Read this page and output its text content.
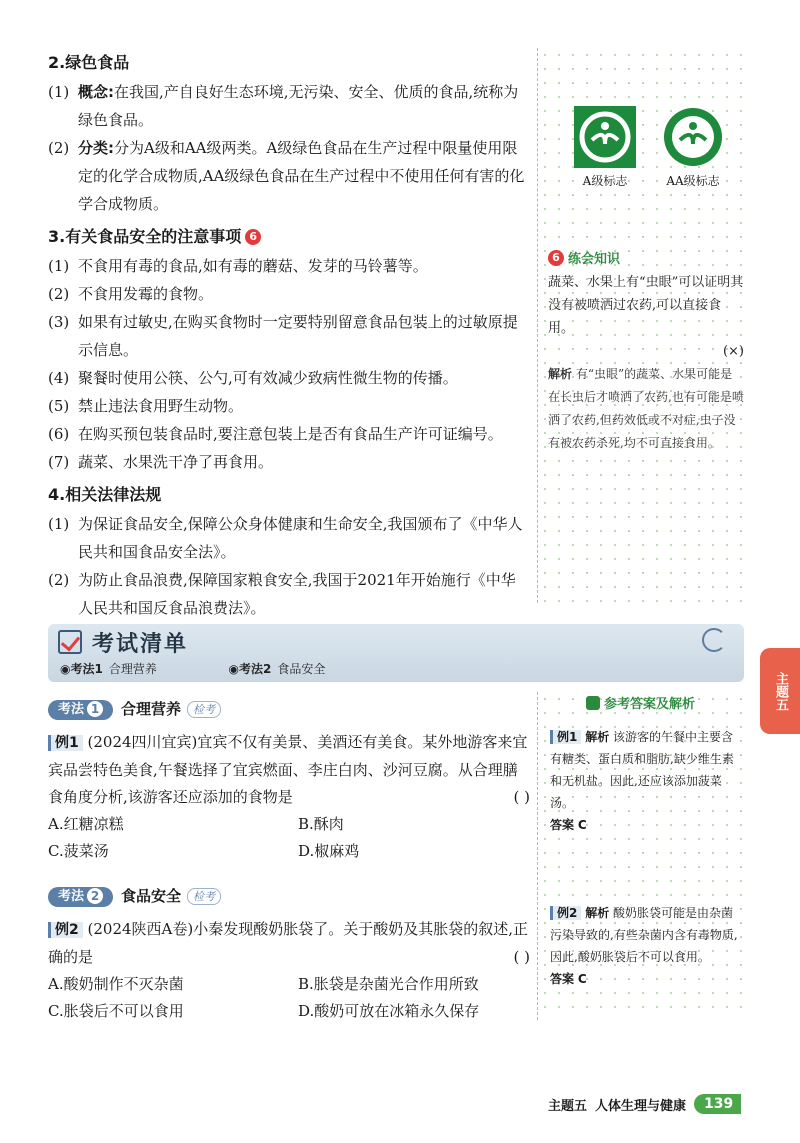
2.绿色食品
(1) 概念:在我国,产自良好生态环境,无污染、安全、优质的食品,统称为绿色食品。
(2) 分类:分为A级和AA级两类。A级绿色食品在生产过程中限量使用限定的化学合成物质,AA级绿色食品在生产过程中不使用任何有害的化学合成物质。
3.有关食品安全的注意事项 6
(1) 不食用有毒的食品,如有毒的蘑菇、发芽的马铃薯等。
(2) 不食用发霉的食物。
(3) 如果有过敏史,在购买食物时一定要特别留意食品包装上的过敏原提示信息。
(4) 聚餐时使用公筷、公勺,可有效减少致病性微生物的传播。
(5) 禁止违法食用野生动物。
(6) 在购买预包装食品时,要注意包装上是否有食品生产许可证编号。
(7) 蔬菜、水果洗干净了再食用。
4.相关法律法规
(1) 为保证食品安全,保障公众身体健康和生命安全,我国颁布了《中华人民共和国食品安全法》。
(2) 为防止食品浪费,保障国家粮食安全,我国于2021年开始施行《中华人民共和国反食品浪费法》。
A级标志	AA级标志
6 练会知识
蔬菜、水果上有“虫眼”可以证明其没有被喷洒过农药,可以直接食用。
(×)
解析 有“虫眼”的蔬菜、水果可能是在长虫后才喷洒了农药,也有可能是喷洒了农药,但药效低或不对症,虫子没有被农药杀死,均不可直接食用。
考试清单
◉考法1 合理营养	◉考法2 食品安全
主题五
考法 1	合理营养	检考
例1 (2024四川宜宾)宜宾不仅有美景、美酒还有美食。某外地游客来宜宾品尝特色美食,午餐选择了宜宾燃面、李庄白肉、沙河豆腐。从合理膳食角度分析,该游客还应添加的食物是	( )
A.红糖凉糕	B.酥肉
C.菠菜汤	D.椒麻鸡
考法 2	食品安全	检考
例2 (2024陕西A卷)小秦发现酸奶胀袋了。关于酸奶及其胀袋的叙述,正确的是	( )
A.酸奶制作不灭杂菌	B.胀袋是杂菌光合作用所致
C.胀袋后不可以食用	D.酸奶可放在冰箱永久保存
参考答案及解析
例1 解析 该游客的午餐中主要含有糖类、蛋白质和脂肪,缺少维生素和无机盐。因此,还应该添加菠菜汤。
答案 C
例2 解析 酸奶胀袋可能是由杂菌污染导致的,有些杂菌内含有毒物质,因此,酸奶胀袋后不可以食用。
答案 C
主题五 人体生理与健康	139
